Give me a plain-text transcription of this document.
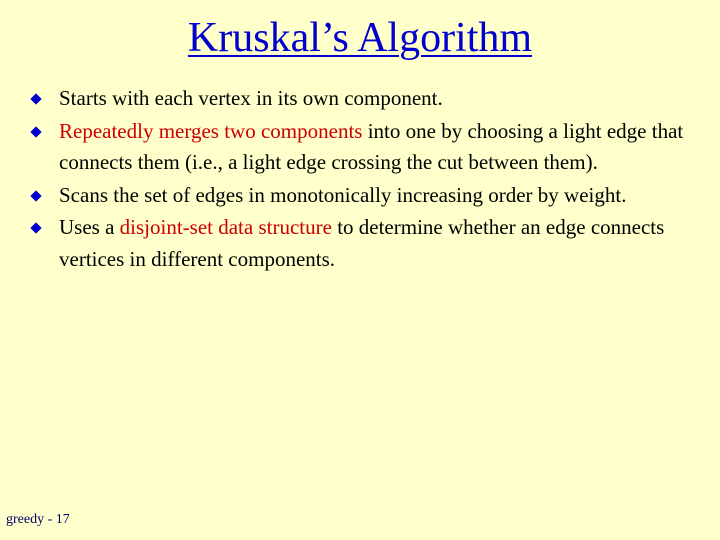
Kruskal’s Algorithm
Starts with each vertex in its own component.
Repeatedly merges two components into one by choosing a light edge that connects them (i.e., a light edge crossing the cut between them).
Scans the set of edges in monotonically increasing order by weight.
Uses a disjoint-set data structure to determine whether an edge connects vertices in different components.
greedy - 17
